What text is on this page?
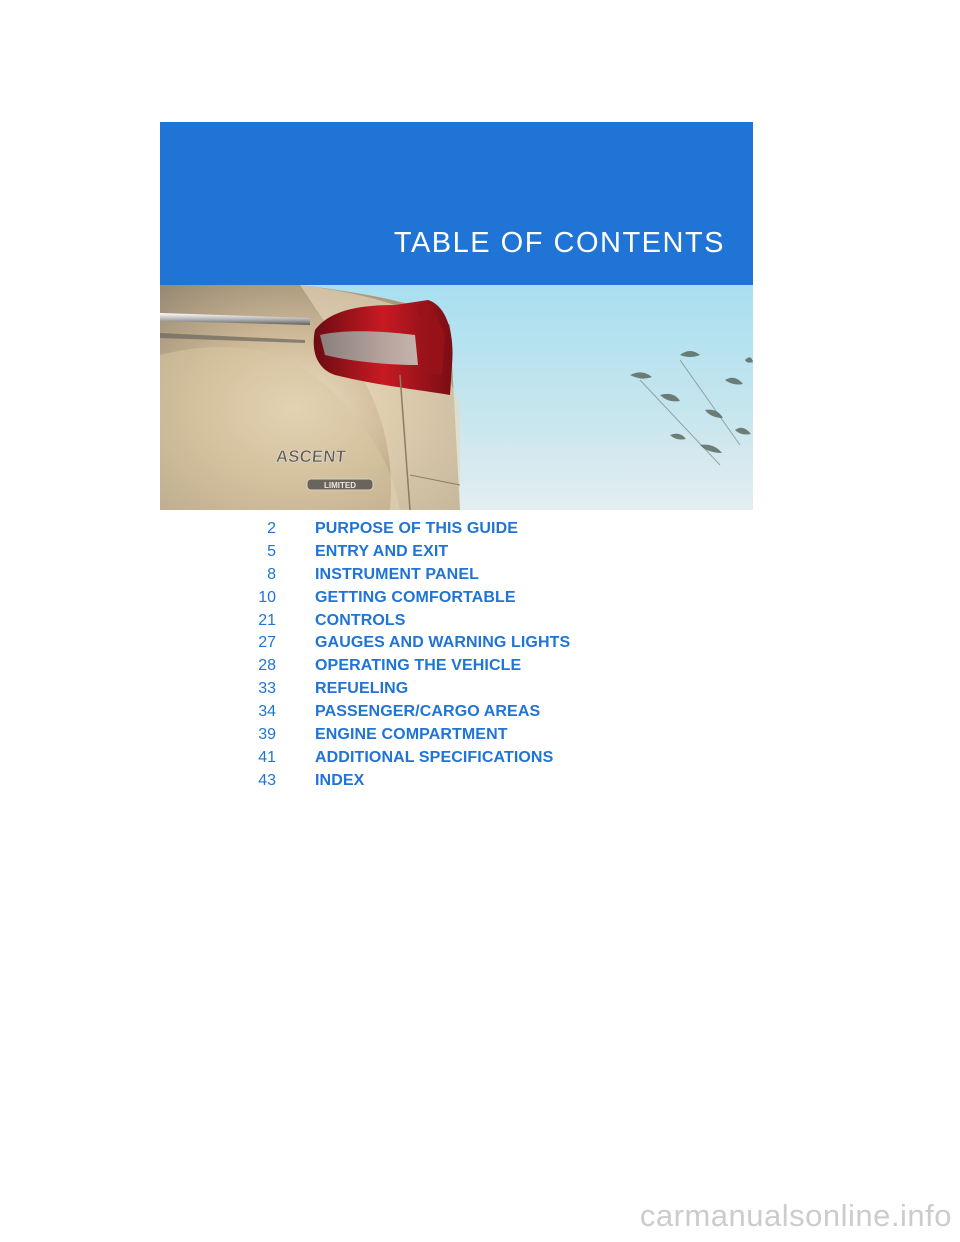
TABLE OF CONTENTS
ASCENT
LIMITED
2 PURPOSE OF THIS GUIDE
5 ENTRY AND EXIT
8 INSTRUMENT PANEL
10 GETTING COMFORTABLE
21 CONTROLS
27 GAUGES AND WARNING LIGHTS
28 OPERATING THE VEHICLE
33 REFUELING
34 PASSENGER/CARGO AREAS
39 ENGINE COMPARTMENT
41 ADDITIONAL SPECIFICATIONS
43 INDEX
carmanualsonline.info
